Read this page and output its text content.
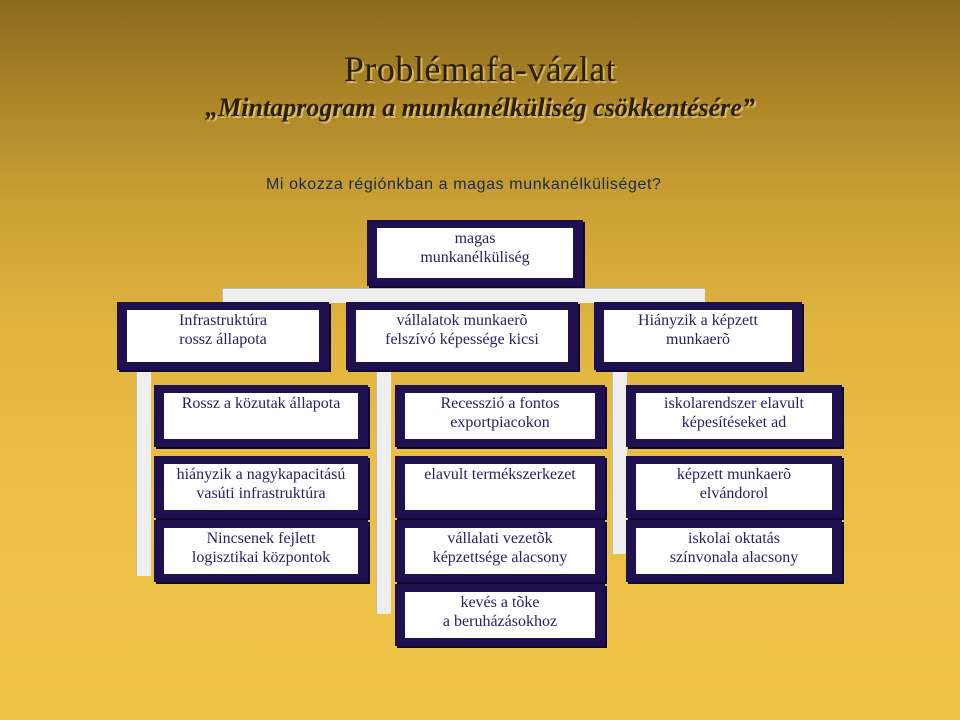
Problémafa-vázlat
„Mintaprogram a munkanélküliség csökkentésére”
Mi okozza régiónkban a magas munkanélküliséget?
magas
munkanélküliség
Infrastruktúra
rossz állapota
vállalatok munkaerõ
felszívó képessége kicsi
Hiányzik a képzett
munkaerõ
Rossz a közutak állapota
hiányzik a nagykapacitású
vasúti infrastruktúra
Nincsenek fejlett
logisztikai központok
Recesszió a fontos
exportpiacokon
elavult termékszerkezet
vállalati vezetõk
képzettsége alacsony
kevés a tõke
a beruházásokhoz
iskolarendszer elavult
képesítéseket ad
képzett munkaerõ
elvándorol
iskolai oktatás
színvonala alacsony
